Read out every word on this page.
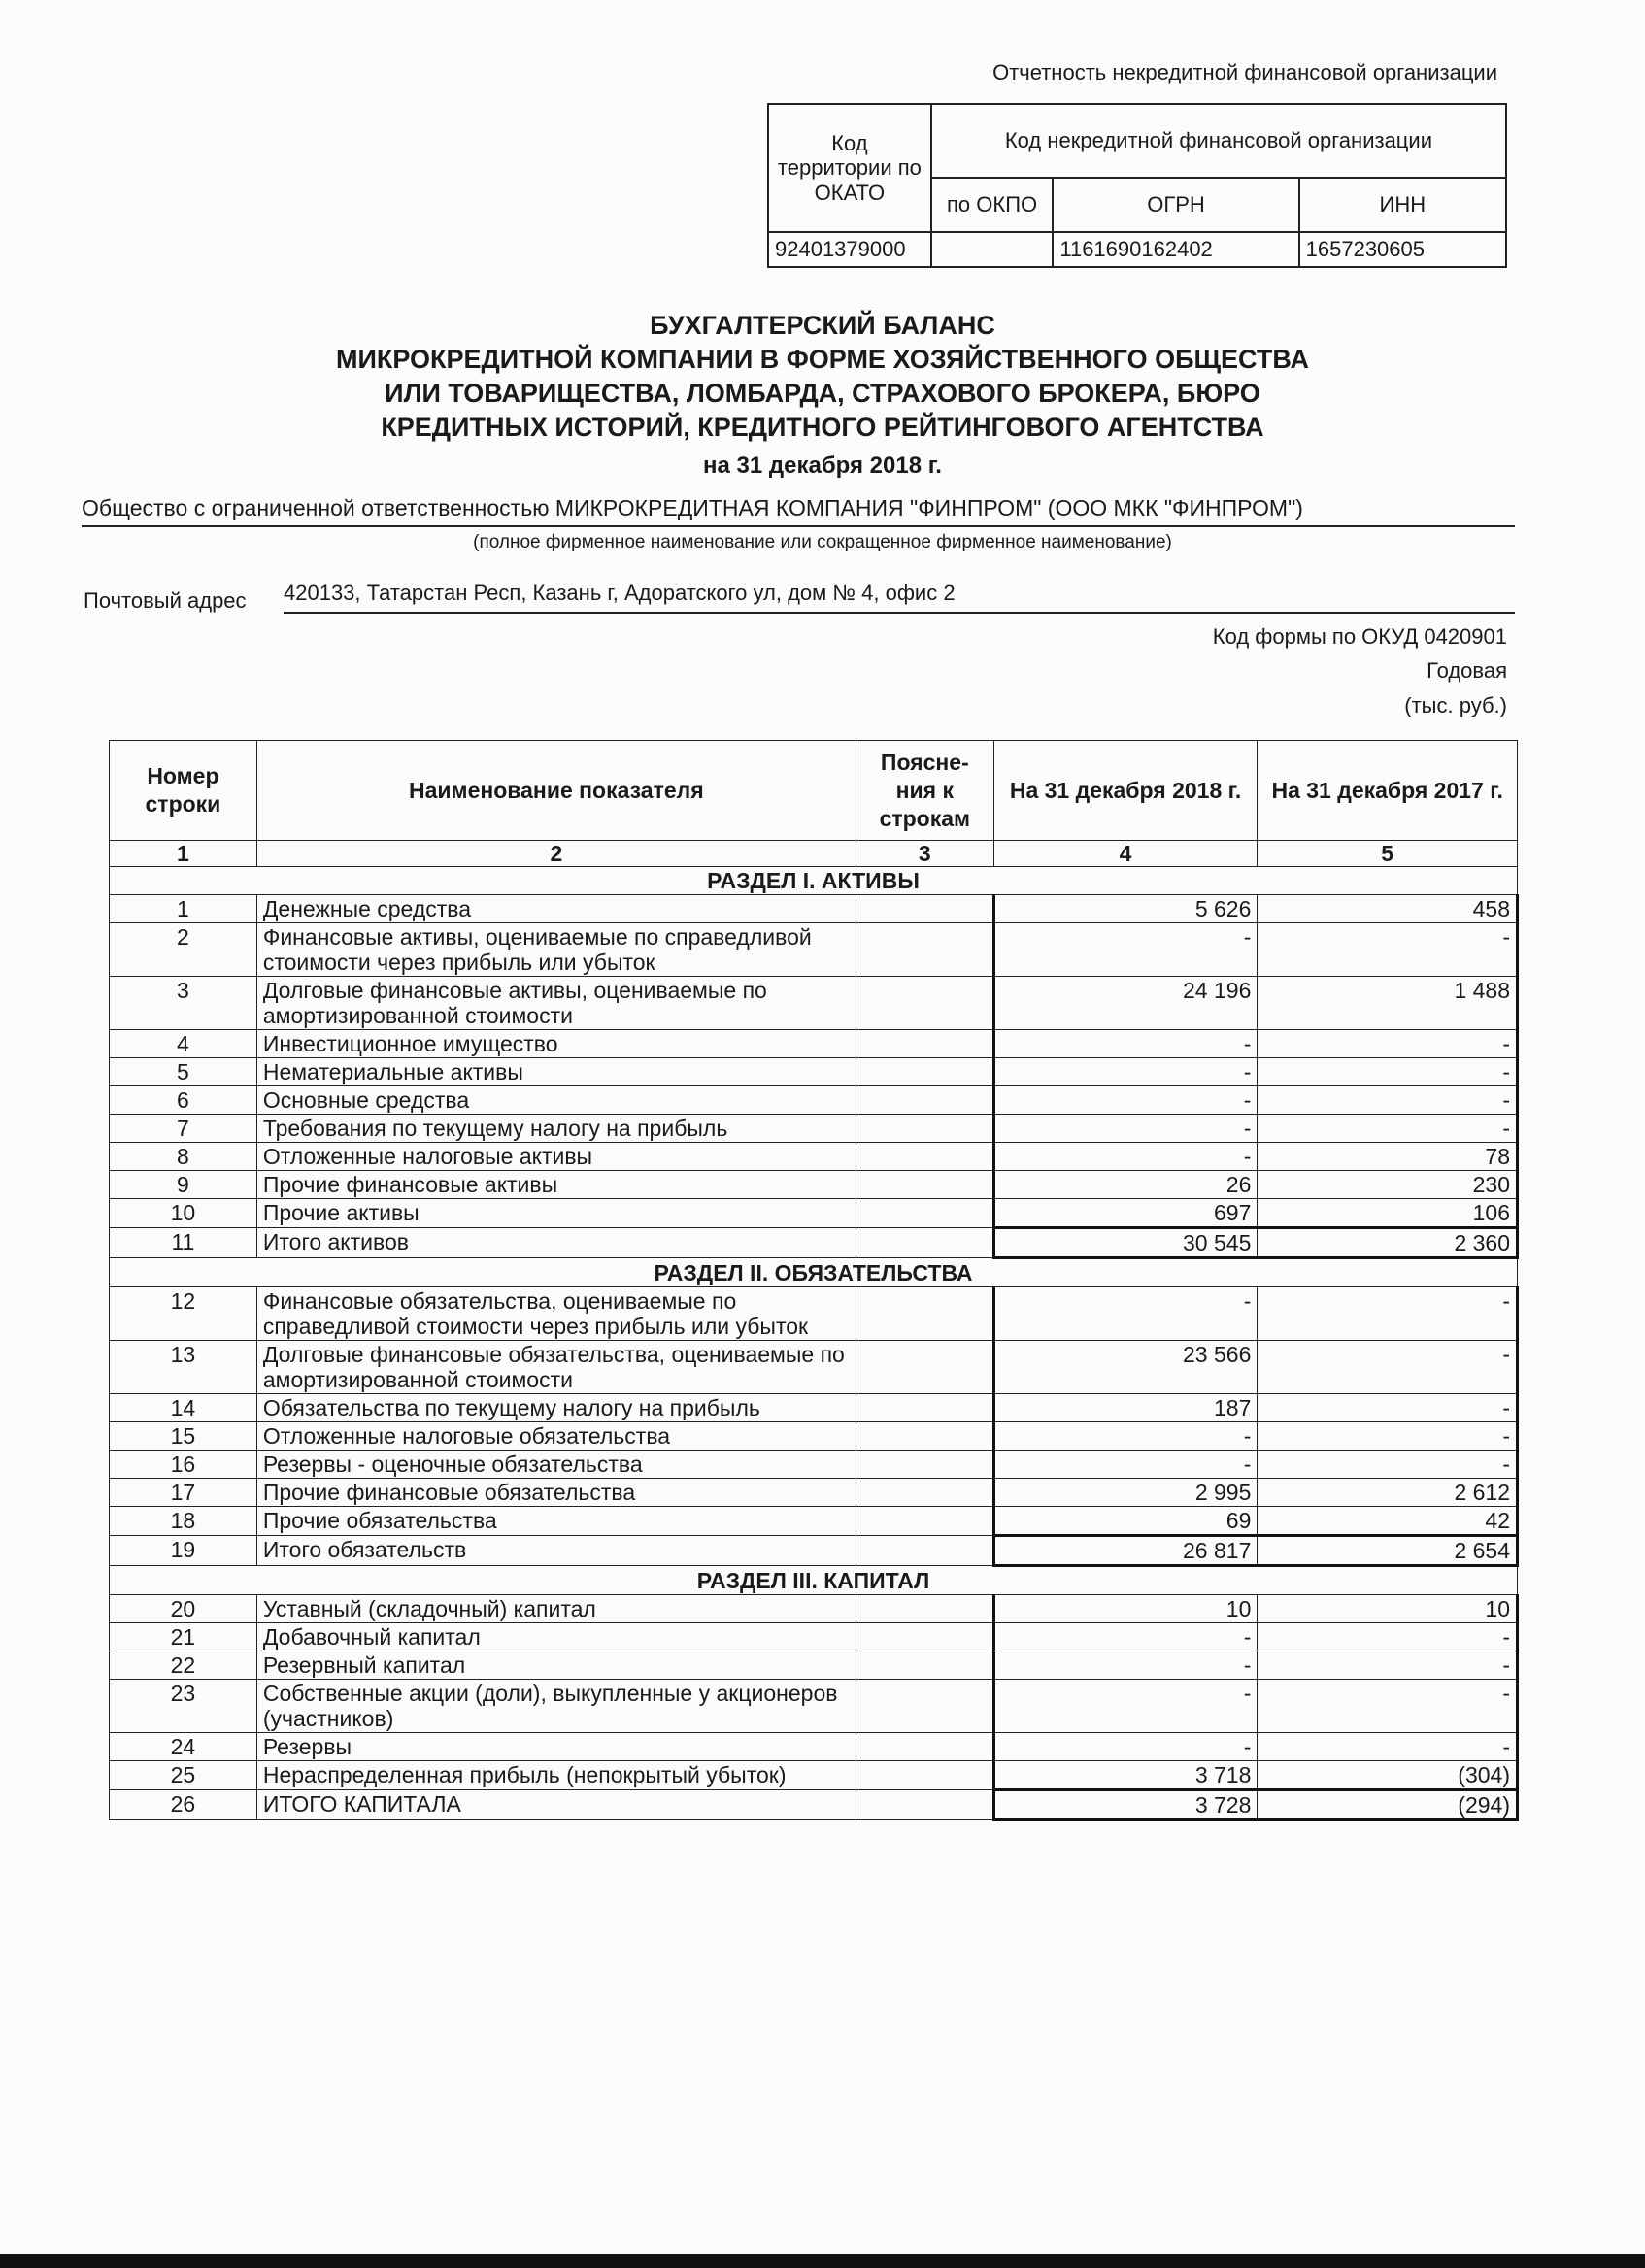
Отчетность некредитной финансовой организации
Код территории по ОКАТО	Код некредитной финансовой организации		
	по ОКПО	ОГРН	ИНН
92401379000		1161690162402	1657230605
БУХГАЛТЕРСКИЙ БАЛАНС
МИКРОКРЕДИТНОЙ КОМПАНИИ В ФОРМЕ ХОЗЯЙСТВЕННОГО ОБЩЕСТВА
ИЛИ ТОВАРИЩЕСТВА, ЛОМБАРДА, СТРАХОВОГО БРОКЕРА, БЮРО
КРЕДИТНЫХ ИСТОРИЙ, КРЕДИТНОГО РЕЙТИНГОВОГО АГЕНТСТВА
на 31 декабря 2018 г.
Общество с ограниченной ответственностью МИКРОКРЕДИТНАЯ КОМПАНИЯ "ФИНПРОМ" (ООО МКК "ФИНПРОМ")
(полное фирменное наименование или сокращенное фирменное наименование)
Почтовый адрес 420133, Татарстан Респ, Казань г, Адоратского ул, дом № 4, офис 2
Код формы по ОКУД 0420901
Годовая
(тыс. руб.)
Номер строки	Наименование показателя	Поясне- ния к строкам	На 31 декабря 2018 г.	На 31 декабря 2017 г.
1	2	3	4	5
РАЗДЕЛ I. АКТИВЫ				
1	Денежные средства		5 626	458
2	Финансовые активы, оцениваемые по справедливой стоимости через прибыль или убыток		-	-
3	Долговые финансовые активы, оцениваемые по амортизированной стоимости		24 196	1 488
4	Инвестиционное имущество		-	-
5	Нематериальные активы		-	-
6	Основные средства		-	-
7	Требования по текущему налогу на прибыль		-	-
8	Отложенные налоговые активы		-	78
9	Прочие финансовые активы		26	230
10	Прочие активы		697	106
11	Итого активов		30 545	2 360
РАЗДЕЛ II. ОБЯЗАТЕЛЬСТВА				
12	Финансовые обязательства, оцениваемые по справедливой стоимости через прибыль или убыток		-	-
13	Долговые финансовые обязательства, оцениваемые по амортизированной стоимости		23 566	-
14	Обязательства по текущему налогу на прибыль		187	-
15	Отложенные налоговые обязательства		-	-
16	Резервы - оценочные обязательства		-	-
17	Прочие финансовые обязательства		2 995	2 612
18	Прочие обязательства		69	42
19	Итого обязательств		26 817	2 654
РАЗДЕЛ III. КАПИТАЛ				
20	Уставный (складочный) капитал		10	10
21	Добавочный капитал		-	-
22	Резервный капитал		-	-
23	Собственные акции (доли), выкупленные у акционеров (участников)		-	-
24	Резервы		-	-
25	Нераспределенная прибыль (непокрытый убыток)		3 718	(304)
26	ИТОГО КАПИТАЛА		3 728	(294)
